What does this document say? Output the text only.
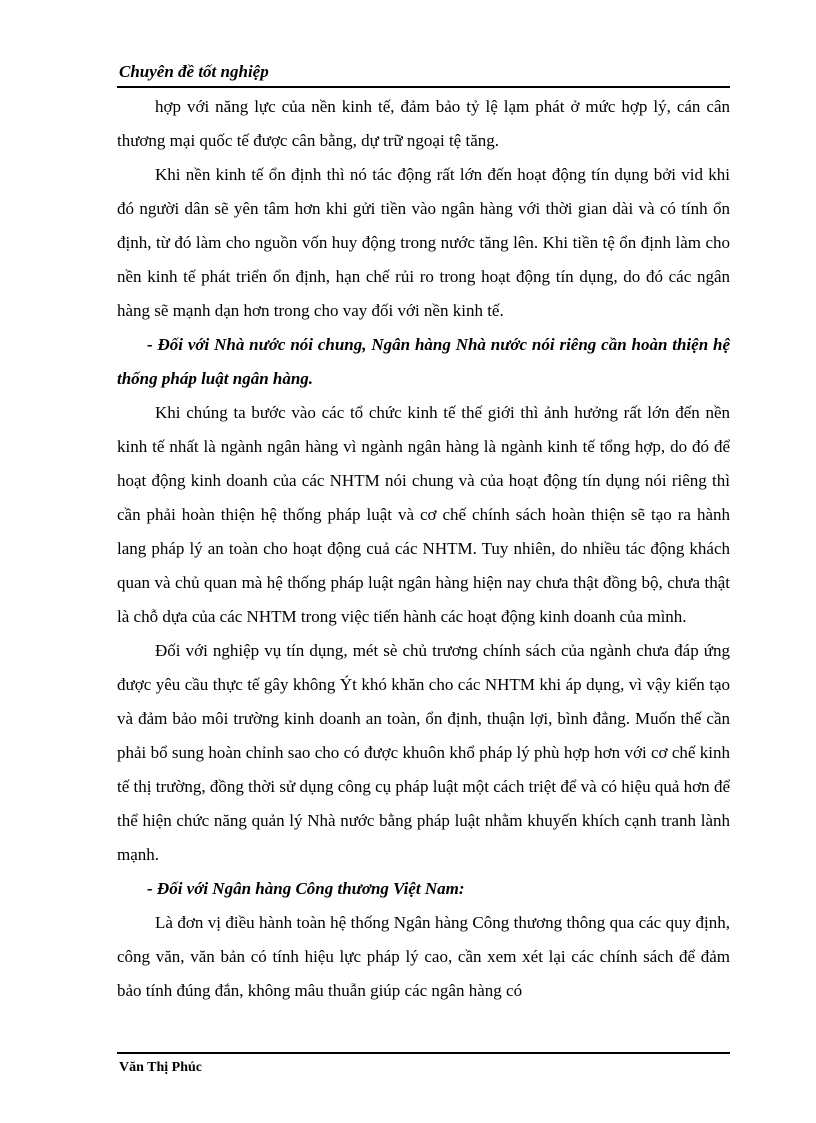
Chuyên đề tốt nghiệp

hợp với năng lực của nền kinh tế, đảm bảo tỷ lệ lạm phát ở mức hợp lý, cán cân thương mại quốc tế được cân bằng, dự trữ ngoại tệ tăng.

Khi nền kinh tế ổn định thì nó tác động rất lớn đến hoạt động tín dụng bởi vid khi đó người dân sẽ yên tâm hơn khi gửi tiền vào ngân hàng với thời gian dài và có tính ổn định, từ đó làm cho nguồn vốn huy động trong nước tăng lên. Khi tiền tệ ổn định làm cho nền kinh tế phát triển ổn định, hạn chế rủi ro trong hoạt động tín dụng, do đó các ngân hàng sẽ mạnh dạn hơn trong cho vay đối với nền kinh tế.

- Đối với Nhà nước nói chung, Ngân hàng Nhà nước nói riêng cần hoàn thiện hệ thống pháp luật ngân hàng.

Khi chúng ta bước vào các tổ chức kinh tế thế giới thì ảnh hưởng rất lớn đến nền kinh tế nhất là ngành ngân hàng vì ngành ngân hàng là ngành kinh tế tổng hợp, do đó để hoạt động kinh doanh của các NHTM nói chung và của hoạt động tín dụng nói riêng thì cần phải hoàn thiện hệ thống pháp luật và cơ chế chính sách hoàn thiện sẽ tạo ra hành lang pháp lý an toàn cho hoạt động cuả các NHTM. Tuy nhiên, do nhiều tác động khách quan và chủ quan mà hệ thống pháp luật ngân hàng hiện nay chưa thật đồng bộ, chưa thật là chỗ dựa của các NHTM trong việc tiến hành các hoạt động kinh doanh của mình.

Đối với nghiệp vụ tín dụng, mét sè chủ trương chính sách của ngành chưa đáp ứng được yêu cầu thực tế gây không Ýt khó khăn cho các NHTM khi áp dụng, vì vậy kiến tạo và đảm bảo môi trường kinh doanh an toàn, ổn định, thuận lợi, bình đẳng. Muốn thế cần phải bổ sung hoàn chỉnh sao cho có được khuôn khổ pháp lý phù hợp hơn với cơ chế kinh tế thị trường, đồng thời sử dụng công cụ pháp luật một cách triệt để và có hiệu quả hơn để thể hiện chức năng quản lý Nhà nước bằng pháp luật nhằm khuyến khích cạnh tranh lành mạnh.

- Đối với Ngân hàng Công thương Việt Nam:

Là đơn vị điều hành toàn hệ thống Ngân hàng Công thương thông qua các quy định, công văn, văn bản có tính hiệu lực pháp lý cao, cần xem xét lại các chính sách để đảm bảo tính đúng đắn, không mâu thuẫn giúp các ngân hàng có

Văn Thị Phúc
